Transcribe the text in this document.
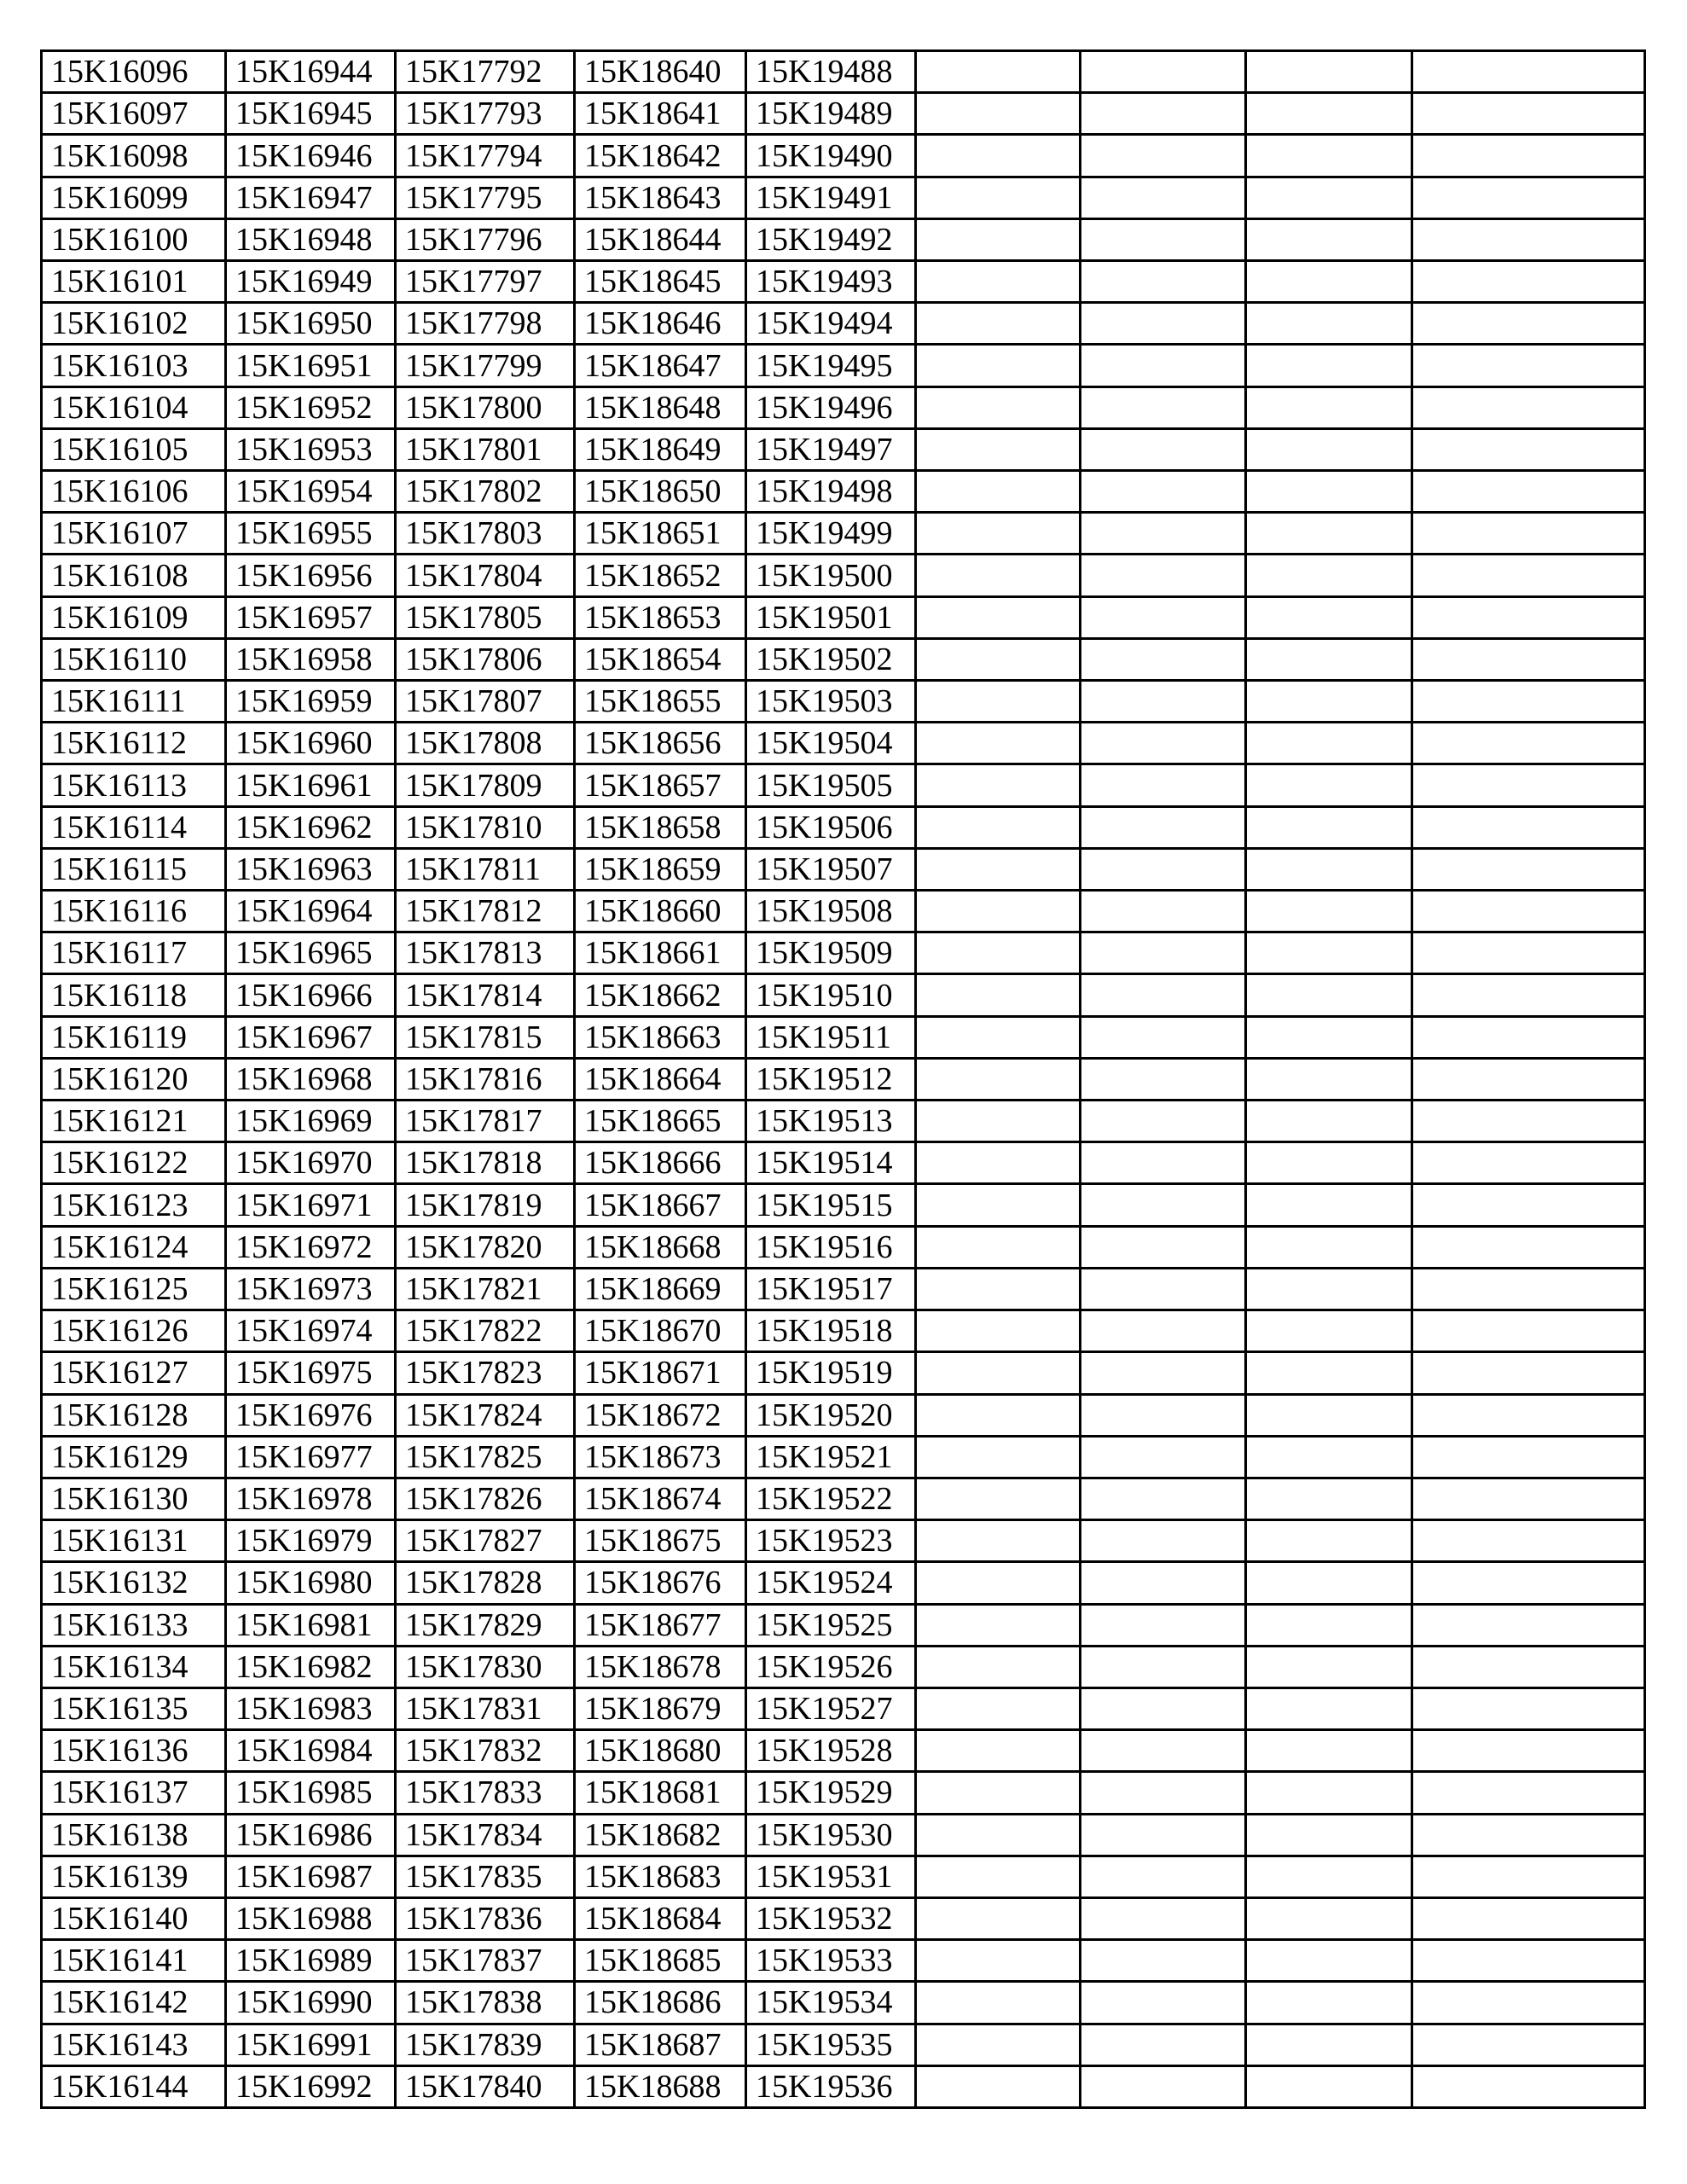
15K16096	15K16944	15K17792	15K18640	15K19488				
15K16097	15K16945	15K17793	15K18641	15K19489				
15K16098	15K16946	15K17794	15K18642	15K19490				
15K16099	15K16947	15K17795	15K18643	15K19491				
15K16100	15K16948	15K17796	15K18644	15K19492				
15K16101	15K16949	15K17797	15K18645	15K19493				
15K16102	15K16950	15K17798	15K18646	15K19494				
15K16103	15K16951	15K17799	15K18647	15K19495				
15K16104	15K16952	15K17800	15K18648	15K19496				
15K16105	15K16953	15K17801	15K18649	15K19497				
15K16106	15K16954	15K17802	15K18650	15K19498				
15K16107	15K16955	15K17803	15K18651	15K19499				
15K16108	15K16956	15K17804	15K18652	15K19500				
15K16109	15K16957	15K17805	15K18653	15K19501				
15K16110	15K16958	15K17806	15K18654	15K19502				
15K16111	15K16959	15K17807	15K18655	15K19503				
15K16112	15K16960	15K17808	15K18656	15K19504				
15K16113	15K16961	15K17809	15K18657	15K19505				
15K16114	15K16962	15K17810	15K18658	15K19506				
15K16115	15K16963	15K17811	15K18659	15K19507				
15K16116	15K16964	15K17812	15K18660	15K19508				
15K16117	15K16965	15K17813	15K18661	15K19509				
15K16118	15K16966	15K17814	15K18662	15K19510				
15K16119	15K16967	15K17815	15K18663	15K19511				
15K16120	15K16968	15K17816	15K18664	15K19512				
15K16121	15K16969	15K17817	15K18665	15K19513				
15K16122	15K16970	15K17818	15K18666	15K19514				
15K16123	15K16971	15K17819	15K18667	15K19515				
15K16124	15K16972	15K17820	15K18668	15K19516				
15K16125	15K16973	15K17821	15K18669	15K19517				
15K16126	15K16974	15K17822	15K18670	15K19518				
15K16127	15K16975	15K17823	15K18671	15K19519				
15K16128	15K16976	15K17824	15K18672	15K19520				
15K16129	15K16977	15K17825	15K18673	15K19521				
15K16130	15K16978	15K17826	15K18674	15K19522				
15K16131	15K16979	15K17827	15K18675	15K19523				
15K16132	15K16980	15K17828	15K18676	15K19524				
15K16133	15K16981	15K17829	15K18677	15K19525				
15K16134	15K16982	15K17830	15K18678	15K19526				
15K16135	15K16983	15K17831	15K18679	15K19527				
15K16136	15K16984	15K17832	15K18680	15K19528				
15K16137	15K16985	15K17833	15K18681	15K19529				
15K16138	15K16986	15K17834	15K18682	15K19530				
15K16139	15K16987	15K17835	15K18683	15K19531				
15K16140	15K16988	15K17836	15K18684	15K19532				
15K16141	15K16989	15K17837	15K18685	15K19533				
15K16142	15K16990	15K17838	15K18686	15K19534				
15K16143	15K16991	15K17839	15K18687	15K19535				
15K16144	15K16992	15K17840	15K18688	15K19536				
